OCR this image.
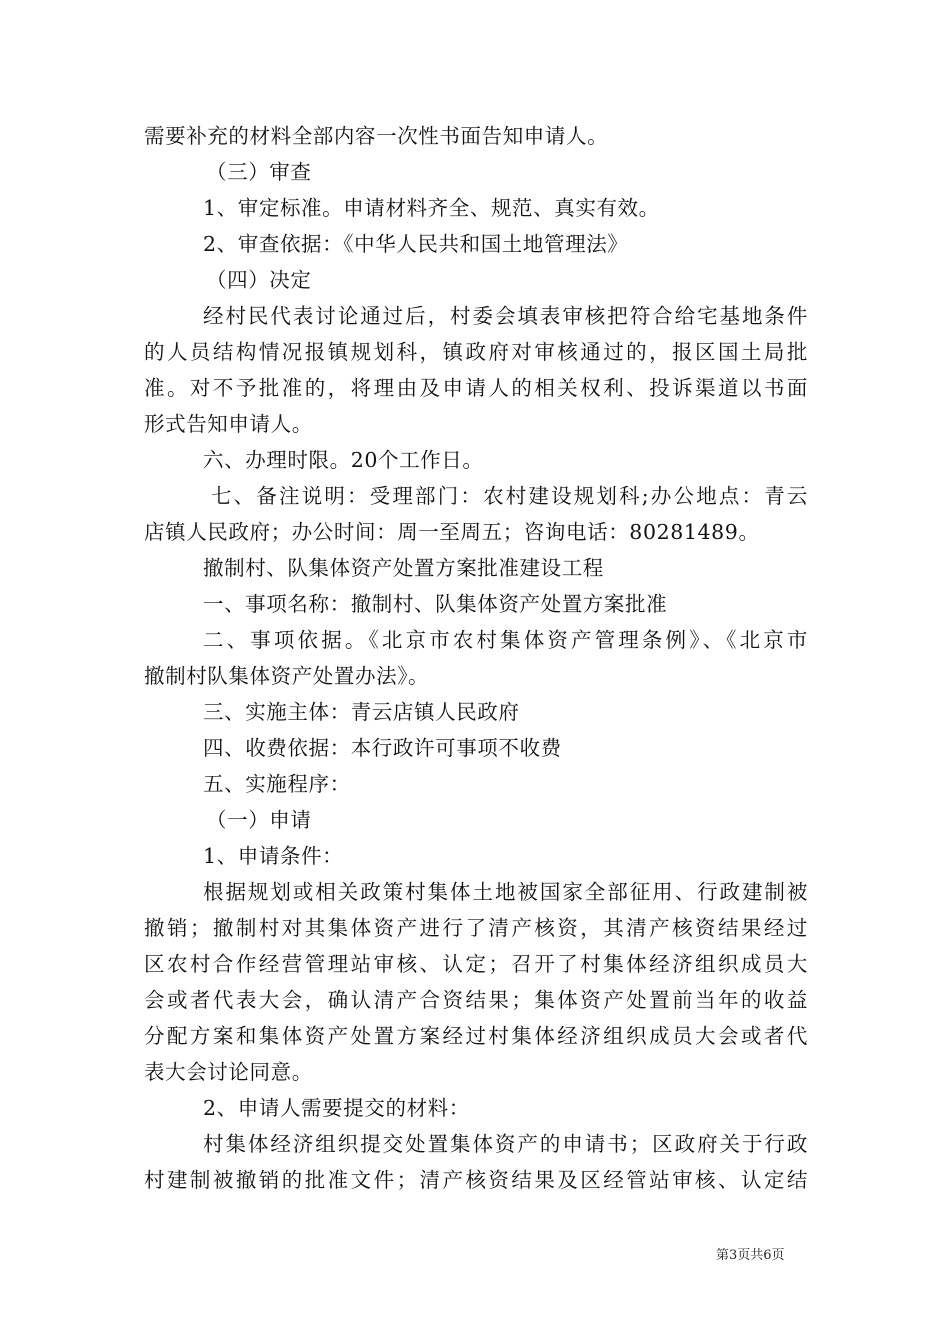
需要补充的材料全部内容一次性书面告知申请人。
（三）审查
1、审定标准。申请材料齐全、规范、真实有效。
2、审查依据：《中华人民共和国土地管理法》
（四）决定
经村民代表讨论通过后，村委会填表审核把符合给宅基地条件
的人员结构情况报镇规划科，镇政府对审核通过的，报区国土局批
准。对不予批准的，将理由及申请人的相关权利、投诉渠道以书面
形式告知申请人。
六、办理时限。20个工作日。
七、备注说明：受理部门：农村建设规划科;办公地点：青云
店镇人民政府；办公时间：周一至周五；咨询电话：80281489。
撤制村、队集体资产处置方案批准建设工程
一、事项名称：撤制村、队集体资产处置方案批准
二、事项依据。《北京市农村集体资产管理条例》、《北京市
撤制村队集体资产处置办法》。
三、实施主体：青云店镇人民政府
四、收费依据：本行政许可事项不收费
五、实施程序：
（一）申请
1、申请条件：
根据规划或相关政策村集体土地被国家全部征用、行政建制被
撤销；撤制村对其集体资产进行了清产核资，其清产核资结果经过
区农村合作经营管理站审核、认定；召开了村集体经济组织成员大
会或者代表大会，确认清产合资结果；集体资产处置前当年的收益
分配方案和集体资产处置方案经过村集体经济组织成员大会或者代
表大会讨论同意。
2、申请人需要提交的材料：
村集体经济组织提交处置集体资产的申请书；区政府关于行政
村建制被撤销的批准文件；清产核资结果及区经管站审核、认定结
第3页共6页
